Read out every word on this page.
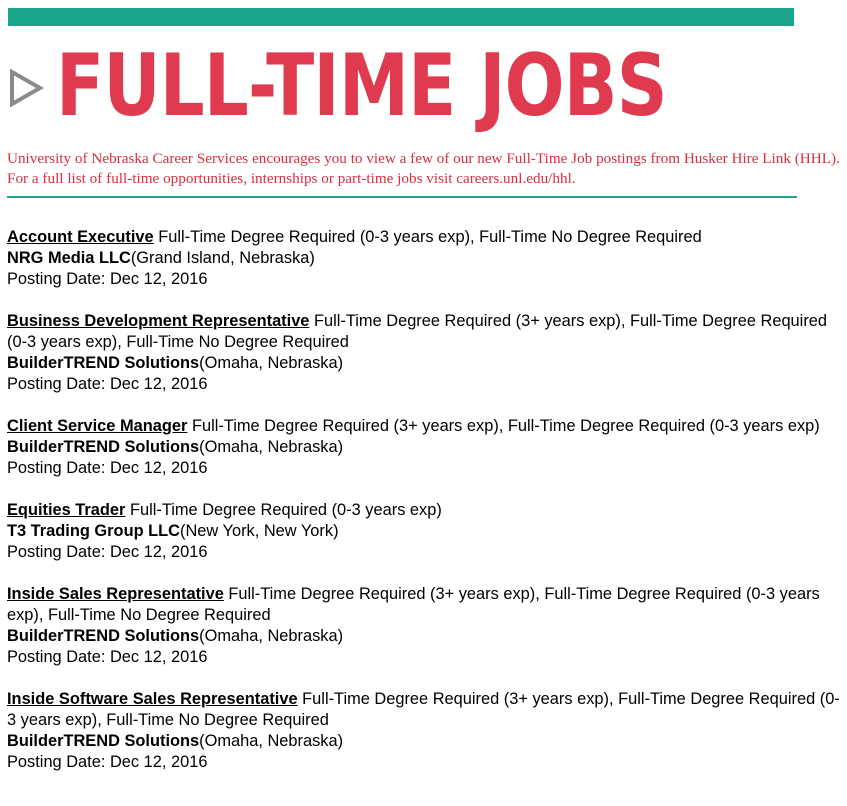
FULL-TIME JOBS

University of Nebraska Career Services encourages you to view a few of our new Full-Time Job postings from Husker Hire Link (HHL). For a full list of full-time opportunities, internships or part-time jobs visit careers.unl.edu/hhl.

Account Executive Full-Time Degree Required (0-3 years exp), Full-Time No Degree Required
NRG Media LLC(Grand Island, Nebraska)
Posting Date: Dec 12, 2016
Business Development Representative Full-Time Degree Required (3+ years exp), Full-Time Degree Required (0-3 years exp), Full-Time No Degree Required
BuilderTREND Solutions(Omaha, Nebraska)
Posting Date: Dec 12, 2016
Client Service Manager Full-Time Degree Required (3+ years exp), Full-Time Degree Required (0-3 years exp)
BuilderTREND Solutions(Omaha, Nebraska)
Posting Date: Dec 12, 2016
Equities Trader Full-Time Degree Required (0-3 years exp)
T3 Trading Group LLC(New York, New York)
Posting Date: Dec 12, 2016
Inside Sales Representative Full-Time Degree Required (3+ years exp), Full-Time Degree Required (0-3 years exp), Full-Time No Degree Required
BuilderTREND Solutions(Omaha, Nebraska)
Posting Date: Dec 12, 2016
Inside Software Sales Representative Full-Time Degree Required (3+ years exp), Full-Time Degree Required (0-3 years exp), Full-Time No Degree Required
BuilderTREND Solutions(Omaha, Nebraska)
Posting Date: Dec 12, 2016
